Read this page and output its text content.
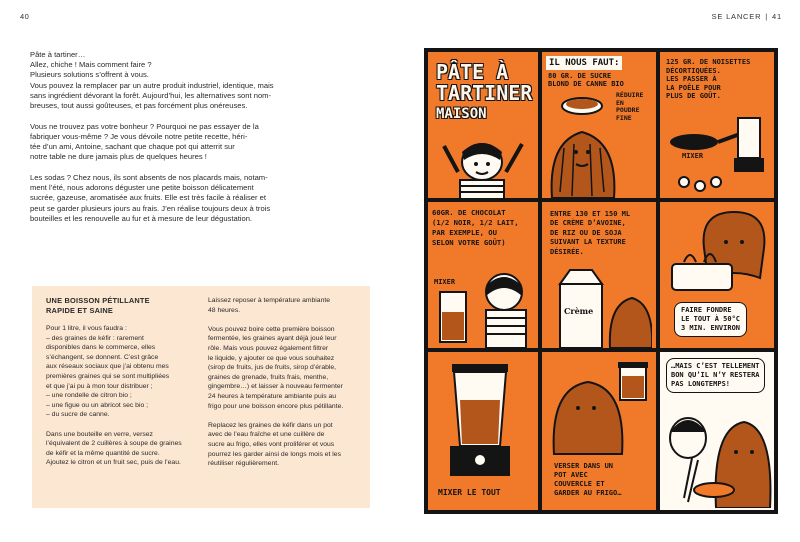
40

Pâte à tartiner…
Allez, chiche ! Mais comment faire ?
Plusieurs solutions s’offrent à vous.
Vous pouvez la remplacer par un autre produit industriel, identique, mais
sans ingrédient dévorant la forêt. Aujourd’hui, les alternatives sont nom-
breuses, tout aussi goûteuses, et pas forcément plus onéreuses.

Vous ne trouvez pas votre bonheur ? Pourquoi ne pas essayer de la
fabriquer vous-même ? Je vous dévoile notre petite recette, héri-
tée d’un ami, Antoine, sachant que chaque pot qui atterrit sur
notre table ne dure jamais plus de quelques heures !

Les sodas ? Chez nous, ils sont absents de nos placards mais, notam-
ment l’été, nous adorons déguster une petite boisson délicatement
sucrée, gazeuse, aromatisée aux fruits. Elle est très facile à réaliser et
peut se garder plusieurs jours au frais. J’en réalise toujours deux à trois
bouteilles et les renouvelle au fur et à mesure de leur dégustation.

UNE BOISSON PÉTILLANTE
RAPIDE ET SAINE
Pour 1 litre, il vous faudra :
– des graines de kéfir : rarement
disponibles dans le commerce, elles
s’échangent, se donnent. C’est grâce
aux réseaux sociaux que j’ai obtenu mes
premières graines qui se sont multipliées
et que j’ai pu à mon tour distribuer ;
– une rondelle de citron bio ;
– une figue ou un abricot sec bio ;
– du sucre de canne.
Dans une bouteille en verre, versez
l’équivalent de 2 cuillères à soupe de graines
de kéfir et la même quantité de sucre.
Ajoutez le citron et un fruit sec, puis de l’eau.
Laissez reposer à température ambiante
48 heures.
Vous pouvez boire cette première boisson
fermentée, les graines ayant déjà joué leur
rôle. Mais vous pouvez également filtrer
le liquide, y ajouter ce que vous souhaitez
(sirop de fruits, jus de fruits, sirop d’érable,
graines de grenade, fruits frais, menthe,
gingembre…) et laisser à nouveau fermenter
24 heures à température ambiante puis au
frigo pour une boisson encore plus pétillante.
Replacez les graines de kéfir dans un pot
avec de l’eau fraîche et une cuillère de
sucre au frigo, elles vont proliférer et vous
pourrez les garder ainsi de longs mois et les
réutiliser régulièrement.
SE LANCER | 41
PÂTE À
TARTINER
MAISON
IL NOUS FAUT:
80 GR. DE SUCRE
BLOND DE CANNE BIO
RÉDUIRE
EN
POUDRE
FINE
125 GR. DE NOISETTES
DÉCORTIQUÉES.
LES PASSER À
LA POÊLE POUR
PLUS DE GOÛT.
MIXER
60GR. DE CHOCOLAT
(1/2 NOIR, 1/2 LAIT,
PAR EXEMPLE, OU
SELON VOTRE GOÛT)
MIXER
ENTRE 130 ET 150 ML
DE CRÈME D’AVOINE,
DE RIZ OU DE SOJA
SUIVANT LA TEXTURE
DÉSIRÉE.
Crème	FAIRE FONDRE
LE TOUT À 50°C
3 MIN. ENVIRON
MIXER LE TOUT
VERSER DANS UN
POT AVEC
COUVERCLE ET
GARDER AU FRIGO…
…MAIS C’EST TELLEMENT
BON QU’IL N’Y RESTERA
PAS LONGTEMPS!
